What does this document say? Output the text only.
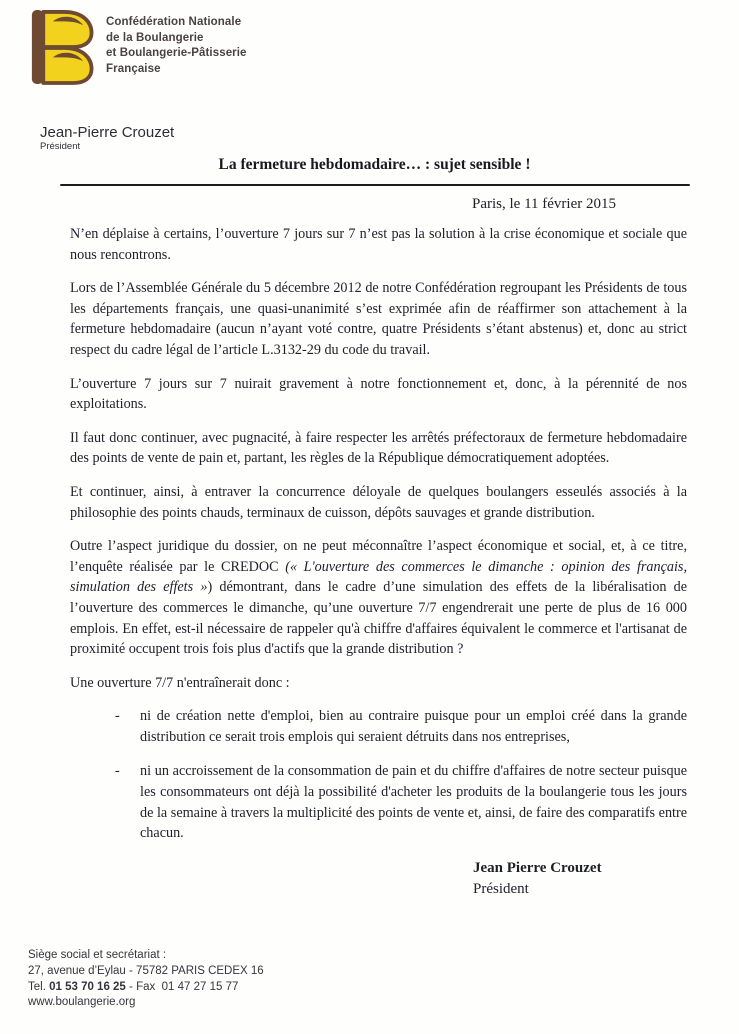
Confédération Nationale
de la Boulangerie
et Boulangerie-Pâtisserie
Française
Jean-Pierre Crouzet
Président
La fermeture hebdomadaire… : sujet sensible !
Paris, le 11 février 2015

N’en déplaise à certains, l’ouverture 7 jours sur 7 n’est pas la solution à la crise économique et sociale que nous rencontrons.

Lors de l’Assemblée Générale du 5 décembre 2012 de notre Confédération regroupant les Présidents de tous les départements français, une quasi-unanimité s’est exprimée afin de réaffirmer son attachement à la fermeture hebdomadaire (aucun n’ayant voté contre, quatre Présidents s’étant abstenus) et, donc au strict respect du cadre légal de l’article L.3132-29 du code du travail.

L’ouverture 7 jours sur 7 nuirait gravement à notre fonctionnement et, donc, à la pérennité de nos exploitations.

Il faut donc continuer, avec pugnacité, à faire respecter les arrêtés préfectoraux de fermeture hebdomadaire des points de vente de pain et, partant, les règles de la République démocratiquement adoptées.

Et continuer, ainsi, à entraver la concurrence déloyale de quelques boulangers esseulés associés à la philosophie des points chauds, terminaux de cuisson, dépôts sauvages et grande distribution.

Outre l’aspect juridique du dossier, on ne peut méconnaître l’aspect économique et social, et, à ce titre, l’enquête réalisée par le CREDOC (« L'ouverture des commerces le dimanche : opinion des français, simulation des effets ») démontrant, dans le cadre d’une simulation des effets de la libéralisation de l’ouverture des commerces le dimanche, qu’une ouverture 7/7 engendrerait une perte de plus de 16 000 emplois. En effet, est-il nécessaire de rappeler qu'à chiffre d'affaires équivalent le commerce et l'artisanat de proximité occupent trois fois plus d'actifs que la grande distribution ?

Une ouverture 7/7 n'entraînerait donc :

-	ni de création nette d'emploi, bien au contraire puisque pour un emploi créé dans la grande distribution ce serait trois emplois qui seraient détruits dans nos entreprises,
-	ni un accroissement de la consommation de pain et du chiffre d'affaires de notre secteur puisque les consommateurs ont déjà la possibilité d'acheter les produits de la boulangerie tous les jours de la semaine à travers la multiplicité des points de vente et, ainsi, de faire des comparatifs entre chacun.
Jean Pierre Crouzet
Président
Siège social et secrétariat :
27, avenue d’Eylau - 75782 PARIS CEDEX 16
Tel. 01 53 70 16 25 - Fax  01 47 27 15 77
www.boulangerie.org
